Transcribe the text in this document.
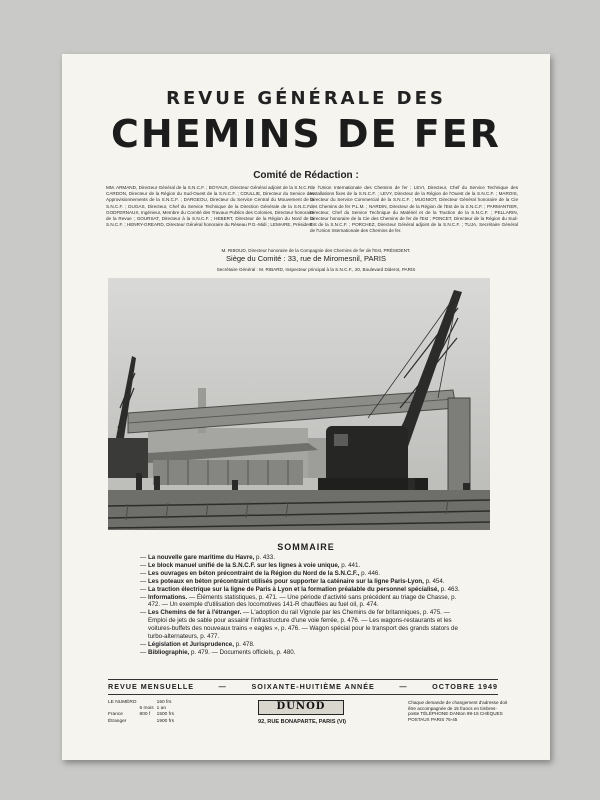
REVUE GÉNÉRALE DES
CHEMINS DE FER
Comité de Rédaction :
MM. ARMAND, Directeur Général de la S.N.C.F. ; BOYAUX, Directeur Général adjoint de la S.N.C.F. ; CARDON, Directeur de la Région du Sud-Ouest de la S.N.C.F. ; COULLIE, Directeur du Service des Approvisionnements de la S.N.C.F. ; DARGEOU, Directeur du Service Central du Mouvement de la S.N.C.F. ; DUGAS, Directeur, Chef du Service Technique de la Direction Générale de la S.N.C.F. ; GODFERNAUX, Ingénieur, Membre du Comité des Travaux Publics des Colonies, Directeur honoraire de la Revue ; GOURSAT, Directeur à la S.N.C.F. ; HEBERT, Directeur de la Région du Nord de la S.N.C.F. ; HENRY-GREARD, Directeur Général honoraire du Réseau P.O.-Midi ; LEMAIRE, Président
de l'Union Internationale des Chemins de fer ; LEVI, Directeur, Chef du Service Technique des Installations fixes de la S.N.C.F. ; LEVY, Directeur de la Région de l'Ouest de la S.N.C.F. ; MAROIS, Directeur du Service Commercial de la S.N.C.F. ; MUGNIOT, Directeur Général honoraire de la Cie des Chemins de fer P.L.M. ; NARDIN, Directeur de la Région de l'Est de la S.N.C.F. ; PARMANTIER, Directeur, Chef du Service Technique du Matériel et de la Traction de la S.N.C.F. ; PELLARIN, Directeur honoraire de la Cie des Chemins de fer de l'Est ; PONCET, Directeur de la Région du Sud-Est de la S.N.C.F. ; PORCHEZ, Directeur Général adjoint de la S.N.C.F. ; TUJA, Secrétaire Général de l'Union Internationale des Chemins de fer.
M. RIBOUD, Directeur honoraire de la Compagnie des Chemins de fer de l'Est, PRÉSIDENT.
Siège du Comité : 33, rue de Miromesnil, PARIS
Secrétaire Général : M. RIBARD, Inspecteur principal à la S.N.C.F., 20, Boulevard Diderot, PARIS
SOMMAIRE
— La nouvelle gare maritime du Havre, p. 433.
— Le block manuel unifié de la S.N.C.F. sur les lignes à voie unique, p. 441.
— Les ouvrages en béton précontraint de la Région du Nord de la S.N.C.F., p. 446.
— Les poteaux en béton précontraint utilisés pour supporter la caténaire sur la ligne Paris-Lyon, p. 454.
— La traction électrique sur la ligne de Paris à Lyon et la formation préalable du personnel spécialisé, p. 463.
— Informations. — Éléments statistiques, p. 471. — Une période d'activité sans précédent au triage de Chasse, p. 472. — Un exemple d'utilisation des locomotives 141-R chauffées au fuel oil, p. 474.
— Les Chemins de fer à l'étranger. — L'adoption du rail Vignole par les Chemins de fer britanniques, p. 475. — Emploi de jets de sable pour assainir l'infrastructure d'une voie ferrée, p. 476. — Les wagons-restaurants et les voitures-buffets des nouveaux trains « eagles », p. 476. — Wagon spécial pour le transport des grands stators de turbo-alternateurs, p. 477.
— Législation et Jurisprudence, p. 478.
— Bibliographie, p. 479. — Documents officiels, p. 480.
REVUE MENSUELLE	—	SOIXANTE-HUITIÈME ANNÉE	—	OCTOBRE 1949
LE NUMÉRO		150 frs
	6 mois	1 an
France	800 f	1500 frs
Étranger		1900 frs
DUNOD
92, RUE BONAPARTE, PARIS (VI)
Chaque demande de changement d'adresse doit être accompagnée de 15 francs en timbres-poste TÉLÉPHONE DANton 99-15 CHÈQUES POSTAUX PARIS 75-45
